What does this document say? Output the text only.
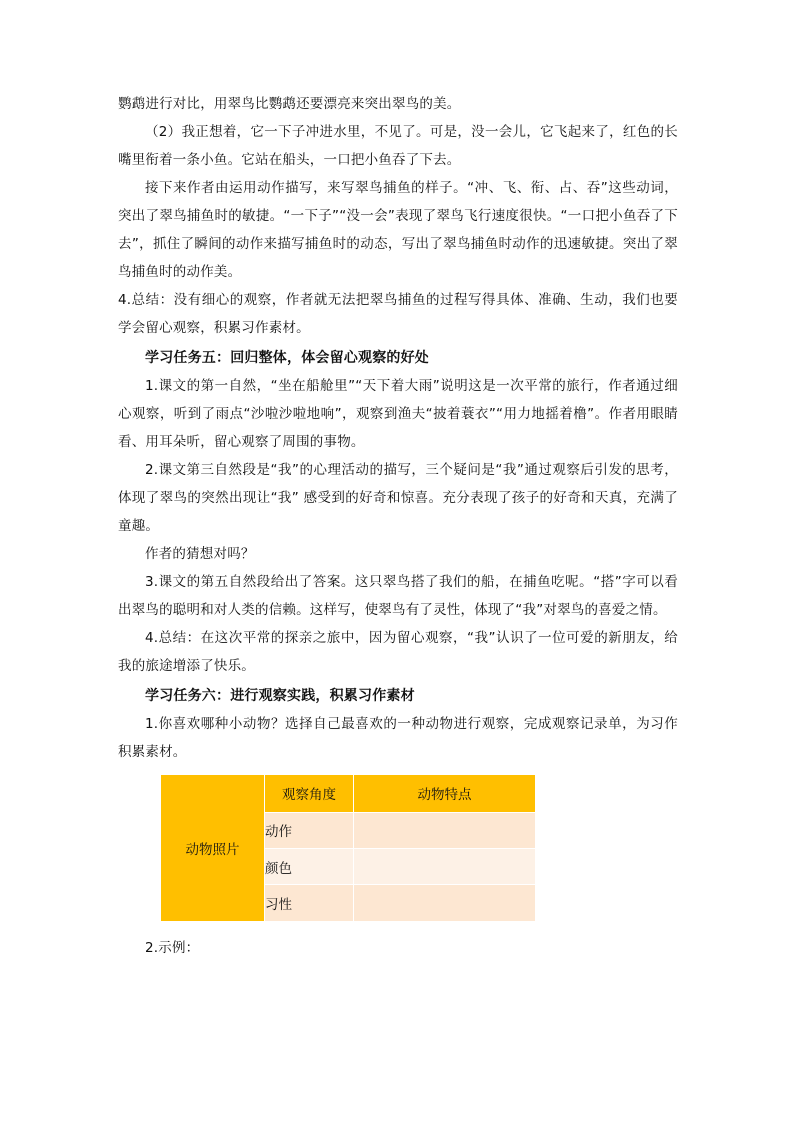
鹦鹉进行对比，用翠鸟比鹦鹉还要漂亮来突出翠鸟的美。

（2）我正想着，它一下子冲进水里，不见了。可是，没一会儿，它飞起来了，红色的长嘴里衔着一条小鱼。它站在船头，一口把小鱼吞了下去。

接下来作者由运用动作描写，来写翠鸟捕鱼的样子。“冲、飞、衔、占、吞”这些动词，突出了翠鸟捕鱼时的敏捷。“一下子”“没一会”表现了翠鸟飞行速度很快。“一口把小鱼吞了下去”，抓住了瞬间的动作来描写捕鱼时的动态，写出了翠鸟捕鱼时动作的迅速敏捷。突出了翠鸟捕鱼时的动作美。

4.总结：没有细心的观察，作者就无法把翠鸟捕鱼的过程写得具体、准确、生动，我们也要学会留心观察，积累习作素材。

学习任务五：回归整体，体会留心观察的好处

1.课文的第一自然，“坐在船舱里”“天下着大雨”说明这是一次平常的旅行，作者通过细心观察，听到了雨点“沙啦沙啦地响”，观察到渔夫“披着蓑衣”“用力地摇着橹”。作者用眼睛看、用耳朵听，留心观察了周围的事物。

2.课文第三自然段是“我”的心理活动的描写，三个疑问是“我”通过观察后引发的思考，体现了翠鸟的突然出现让“我” 感受到的好奇和惊喜。充分表现了孩子的好奇和天真，充满了童趣。

作者的猜想对吗？

3.课文的第五自然段给出了答案。这只翠鸟搭了我们的船，在捕鱼吃呢。“搭”字可以看出翠鸟的聪明和对人类的信赖。这样写，使翠鸟有了灵性，体现了“我”对翠鸟的喜爱之情。

4.总结：在这次平常的探亲之旅中，因为留心观察，“我”认识了一位可爱的新朋友，给我的旅途增添了快乐。

学习任务六：进行观察实践，积累习作素材

1.你喜欢哪种小动物？选择自己最喜欢的一种动物进行观察，完成观察记录单，为习作积累素材。

动物照片	观察角度	动物特点
	动作	
	颜色	
	习性	

2.示例：
